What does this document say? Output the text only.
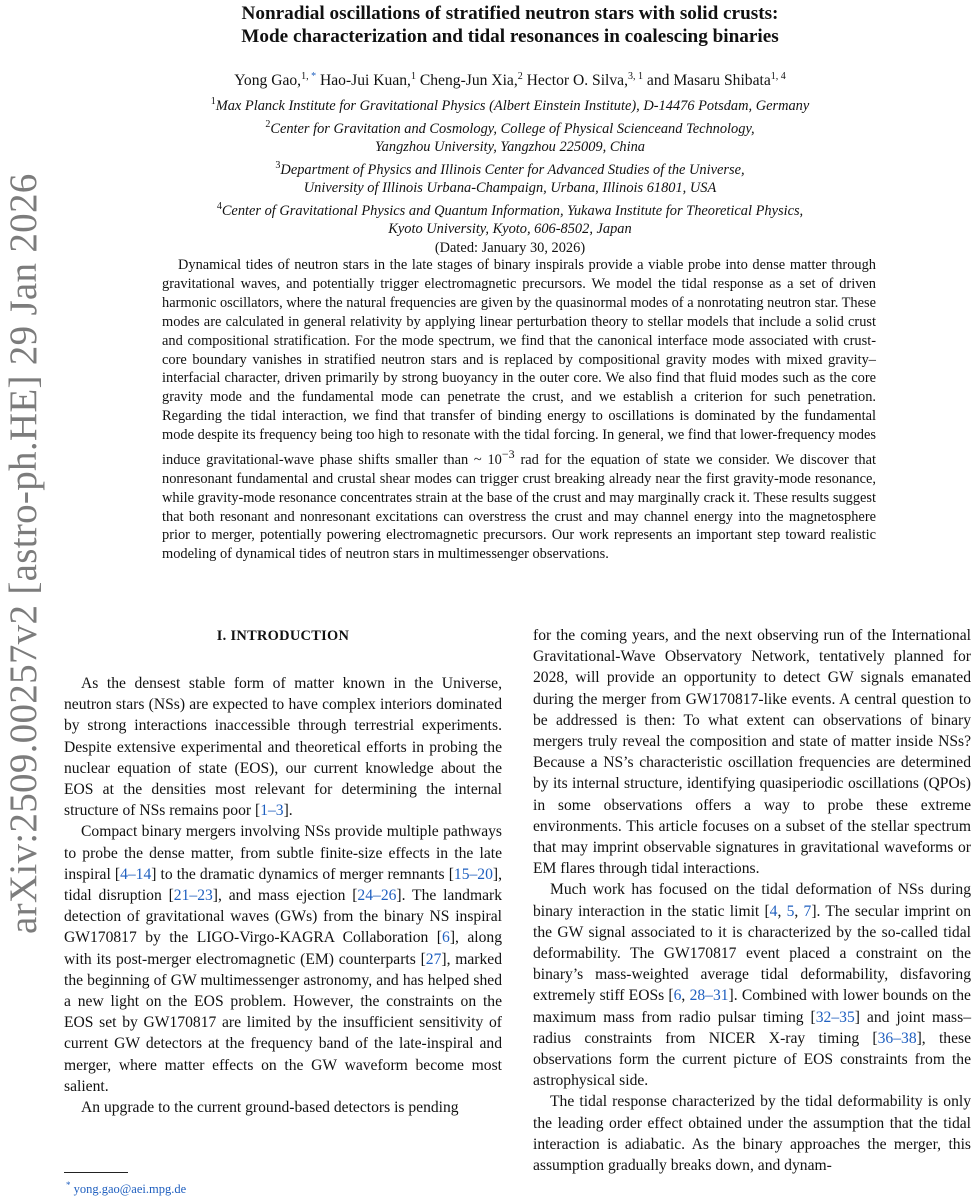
arXiv:2509.00257v2 [astro-ph.HE] 29 Jan 2026
Nonradial oscillations of stratified neutron stars with solid crusts:
Mode characterization and tidal resonances in coalescing binaries
Yong Gao,$^{1,}$ * Hao-Jui Kuan,$^1$ Cheng-Jun Xia,$^2$ Hector O. Silva,$^{3, 1}$ and Masaru Shibata$^{1, 4}$

$^1$Max Planck Institute for Gravitational Physics (Albert Einstein Institute), D-14476 Potsdam, Germany

$^2$Center for Gravitation and Cosmology, College of Physical Scienceand Technology,

Yangzhou University, Yangzhou 225009, China

$^3$Department of Physics and Illinois Center for Advanced Studies of the Universe,

University of Illinois Urbana-Champaign, Urbana, Illinois 61801, USA

$^4$Center of Gravitational Physics and Quantum Information, Yukawa Institute for Theoretical Physics,

Kyoto University, Kyoto, 606-8502, Japan

(Dated: January 30, 2026)

Dynamical tides of neutron stars in the late stages of binary inspirals provide a viable probe into dense matter through gravitational waves, and potentially trigger electromagnetic precursors. We model the tidal response as a set of driven harmonic oscillators, where the natural frequencies are given by the quasinormal modes of a nonrotating neutron star. These modes are calculated in general relativity by applying linear perturbation theory to stellar models that include a solid crust and compositional stratification. For the mode spectrum, we find that the canonical interface mode associated with crust-core boundary vanishes in stratified neutron stars and is replaced by compositional gravity modes with mixed gravity–interfacial character, driven primarily by strong buoyancy in the outer core. We also find that fluid modes such as the core gravity mode and the fundamental mode can penetrate the crust, and we establish a criterion for such penetration. Regarding the tidal interaction, we find that transfer of binding energy to oscillations is dominated by the fundamental mode despite its frequency being too high to resonate with the tidal forcing. In general, we find that lower-frequency modes induce gravitational-wave phase shifts smaller than ~ $10^{-3}$ rad for the equation of state we consider. We discover that nonresonant fundamental and crustal shear modes can trigger crust breaking already near the first gravity-mode resonance, while gravity-mode resonance concentrates strain at the base of the crust and may marginally crack it. These results suggest that both resonant and nonresonant excitations can overstress the crust and may channel energy into the magnetosphere prior to merger, potentially powering electromagnetic precursors. Our work represents an important step toward realistic modeling of dynamical tides of neutron stars in multimessenger observations.

I. INTRODUCTION

As the densest stable form of matter known in the Universe, neutron stars (NSs) are expected to have complex interiors dominated by strong interactions inaccessible through terrestrial experiments. Despite extensive experimental and theoretical efforts in probing the nuclear equation of state (EOS), our current knowledge about the EOS at the densities most relevant for determining the internal structure of NSs remains poor [1–3].

Compact binary mergers involving NSs provide multiple pathways to probe the dense matter, from subtle finite-size effects in the late inspiral [4–14] to the dramatic dynamics of merger remnants [15–20], tidal disruption [21–23], and mass ejection [24–26]. The landmark detection of gravitational waves (GWs) from the binary NS inspiral GW170817 by the LIGO-Virgo-KAGRA Collaboration [6], along with its post-merger electromagnetic (EM) counterparts [27], marked the beginning of GW multimessenger astronomy, and has helped shed a new light on the EOS problem. However, the constraints on the EOS set by GW170817 are limited by the insufficient sensitivity of current GW detectors at the frequency band of the late-inspiral and merger, where matter effects on the GW waveform become most salient.

An upgrade to the current ground-based detectors is pending

for the coming years, and the next observing run of the International Gravitational-Wave Observatory Network, tentatively planned for 2028, will provide an opportunity to detect GW signals emanated during the merger from GW170817-like events. A central question to be addressed is then: To what extent can observations of binary mergers truly reveal the composition and state of matter inside NSs? Because a NS’s characteristic oscillation frequencies are determined by its internal structure, identifying quasiperiodic oscillations (QPOs) in some observations offers a way to probe these extreme environments. This article focuses on a subset of the stellar spectrum that may imprint observable signatures in gravitational waveforms or EM flares through tidal interactions.

Much work has focused on the tidal deformation of NSs during binary interaction in the static limit [4, 5, 7]. The secular imprint on the GW signal associated to it is characterized by the so-called tidal deformability. The GW170817 event placed a constraint on the binary’s mass-weighted average tidal deformability, disfavoring extremely stiff EOSs [6, 28–31]. Combined with lower bounds on the maximum mass from radio pulsar timing [32–35] and joint mass–radius constraints from NICER X-ray timing [36–38], these observations form the current picture of EOS constraints from the astrophysical side.

The tidal response characterized by the tidal deformability is only the leading order effect obtained under the assumption that the tidal interaction is adiabatic. As the binary approaches the merger, this assumption gradually breaks down, and dynam-

* yong.gao@aei.mpg.de
